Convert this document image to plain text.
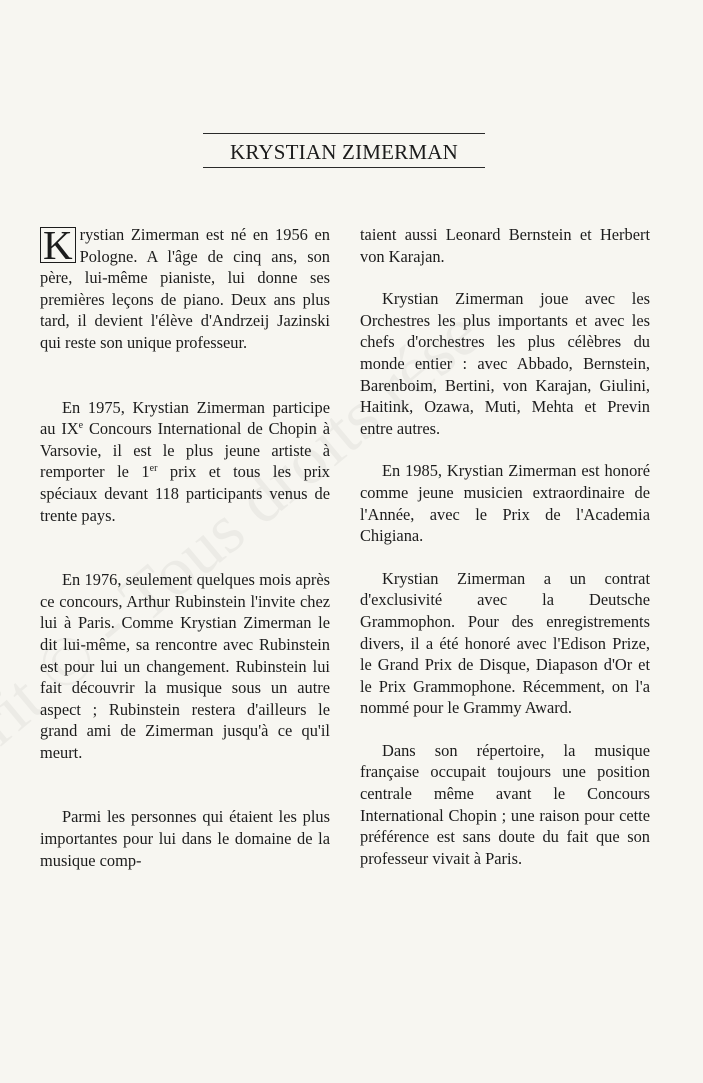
KRYSTIAN ZIMERMAN

K rystian Zimerman est né en 1956 en Pologne. A l'âge de cinq ans, son père, lui-même pianiste, lui donne ses premières leçons de piano. Deux ans plus tard, il devient l'élève d'Andrzeij Jazinski qui reste son unique professeur.

En 1975, Krystian Zimerman participe au IXe Concours International de Chopin à Varsovie, il est le plus jeune artiste à remporter le 1er prix et tous les prix spéciaux devant 118 participants venus de trente pays.

En 1976, seulement quelques mois après ce concours, Arthur Rubinstein l'invite chez lui à Paris. Comme Krystian Zimerman le dit lui-même, sa rencontre avec Rubinstein est pour lui un changement. Rubinstein lui fait découvrir la musique sous un autre aspect ; Rubinstein restera d'ailleurs le grand ami de Zimerman jusqu'à ce qu'il meurt.

Parmi les personnes qui étaient les plus importantes pour lui dans le domaine de la musique comp-

taient aussi Leonard Bernstein et Herbert von Karajan.

Krystian Zimerman joue avec les Orchestres les plus importants et avec les chefs d'orchestres les plus célèbres du monde entier : avec Abbado, Bernstein, Barenboim, Bertini, von Karajan, Giulini, Haitink, Ozawa, Muti, Mehta et Previn entre autres.

En 1985, Krystian Zimerman est honoré comme jeune musicien extraordinaire de l'Année, avec le Prix de l'Academia Chigiana.

Krystian Zimerman a un contrat d'exclusivité avec la Deutsche Grammophon. Pour des enregistrements divers, il a été honoré avec l'Edison Prize, le Grand Prix de Disque, Diapason d'Or et le Prix Grammophone. Récemment, on l'a nommé pour le Grammy Award.

Dans son répertoire, la musique française occupait toujours une position centrale même avant le Concours International Chopin ; une raison pour cette préférence est sans doute du fait que son professeur vivait à Paris.
